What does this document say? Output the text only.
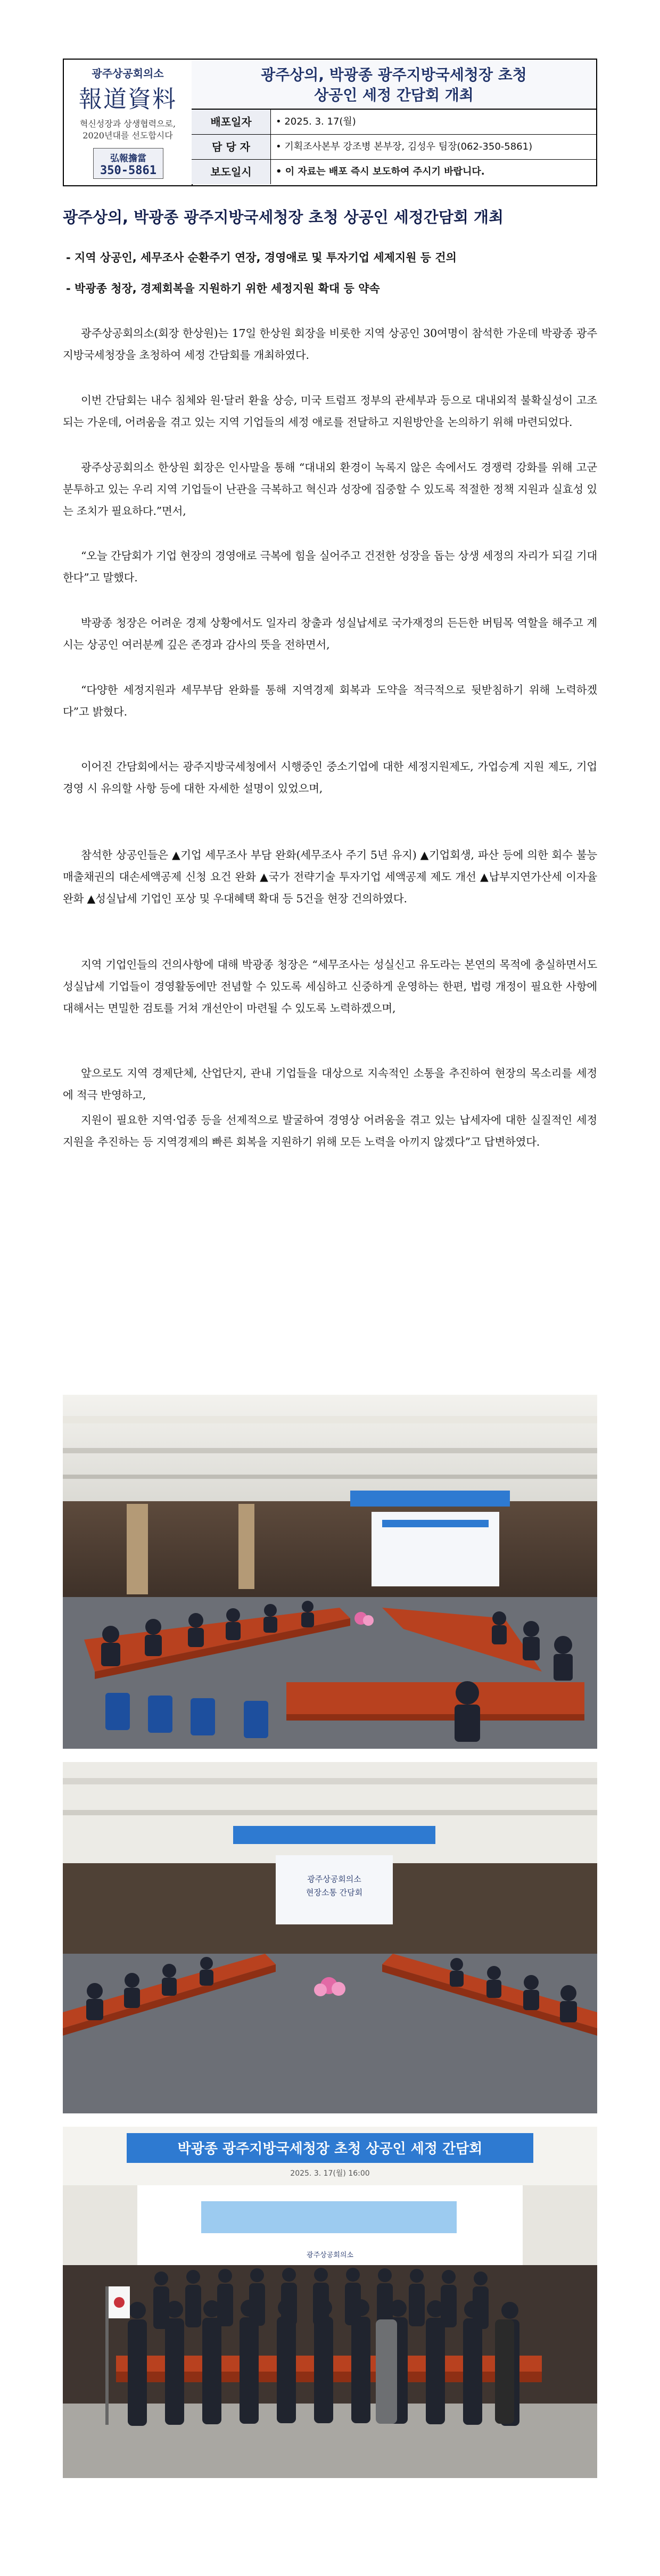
광주상공회의소
報道資料
혁신성장과 상생협력으로,
2020년대를 선도합시다
弘報擔當
350-5861
광주상의, 박광종 광주지방국세청장 초청
상공인 세정 간담회 개최
배포일자	• 2025. 3. 17(월)
담 당 자	• 기획조사본부 강조병 본부장, 김성우 팀장(062-350-5861)
보도일시	• 이 자료는 배포 즉시 보도하여 주시기 바랍니다.
광주상의, 박광종 광주지방국세청장 초청 상공인 세정간담회 개최
- 지역 상공인, 세무조사 순환주기 연장, 경영애로 및 투자기업 세제지원 등 건의
- 박광종 청장, 경제회복을 지원하기 위한 세정지원 확대 등 약속
광주상공회의소(회장 한상원)는 17일 한상원 회장을 비롯한 지역 상공인 30여명이 참석한 가운데 박광종 광주지방국세청장을 초청하여 세정 간담회를 개최하였다.
이번 간담회는 내수 침체와 원·달러 환율 상승, 미국 트럼프 정부의 관세부과 등으로 대내외적 불확실성이 고조되는 가운데, 어려움을 겪고 있는 지역 기업들의 세정 애로를 전달하고 지원방안을 논의하기 위해 마련되었다.
광주상공회의소 한상원 회장은 인사말을 통해 “대내외 환경이 녹록지 않은 속에서도 경쟁력 강화를 위해 고군분투하고 있는 우리 지역 기업들이 난관을 극복하고 혁신과 성장에 집중할 수 있도록 적절한 정책 지원과 실효성 있는 조치가 필요하다.”면서,
“오늘 간담회가 기업 현장의 경영애로 극복에 힘을 실어주고 건전한 성장을 돕는 상생 세정의 자리가 되길 기대한다”고 말했다.
박광종 청장은 어려운 경제 상황에서도 일자리 창출과 성실납세로 국가재정의 든든한 버팀목 역할을 해주고 계시는 상공인 여러분께 깊은 존경과 감사의 뜻을 전하면서,
“다양한 세정지원과 세무부담 완화를 통해 지역경제 회복과 도약을 적극적으로 뒷받침하기 위해 노력하겠다”고 밝혔다.
이어진 간담회에서는 광주지방국세청에서 시행중인 중소기업에 대한 세정지원제도, 가업승계 지원 제도, 기업경영 시 유의할 사항 등에 대한 자세한 설명이 있었으며,
참석한 상공인들은 ▲기업 세무조사 부담 완화(세무조사 주기 5년 유지) ▲기업회생, 파산 등에 의한 회수 불능 매출채권의 대손세액공제 신청 요건 완화 ▲국가 전략기술 투자기업 세액공제 제도 개선 ▲납부지연가산세 이자율 완화 ▲성실납세 기업인 포상 및 우대혜택 확대 등 5건을 현장 건의하였다.
지역 기업인들의 건의사항에 대해 박광종 청장은 “세무조사는 성실신고 유도라는 본연의 목적에 충실하면서도 성실납세 기업들이 경영활동에만 전념할 수 있도록 세심하고 신중하게 운영하는 한편, 법령 개정이 필요한 사항에 대해서는 면밀한 검토를 거쳐 개선안이 마련될 수 있도록 노력하겠으며,
앞으로도 지역 경제단체, 산업단지, 관내 기업들을 대상으로 지속적인 소통을 추진하여 현장의 목소리를 세정에 적극 반영하고,
지원이 필요한 지역·업종 등을 선제적으로 발굴하여 경영상 어려움을 겪고 있는 납세자에 대한 실질적인 세정지원을 추진하는 등 지역경제의 빠른 회복을 지원하기 위해 모든 노력을 아끼지 않겠다”고 답변하였다.
광주상공회의소
현장소통 간담회
박광종 광주지방국세청장 초청 상공인 세정 간담회
2025. 3. 17(월) 16:00
광주상공회의소
